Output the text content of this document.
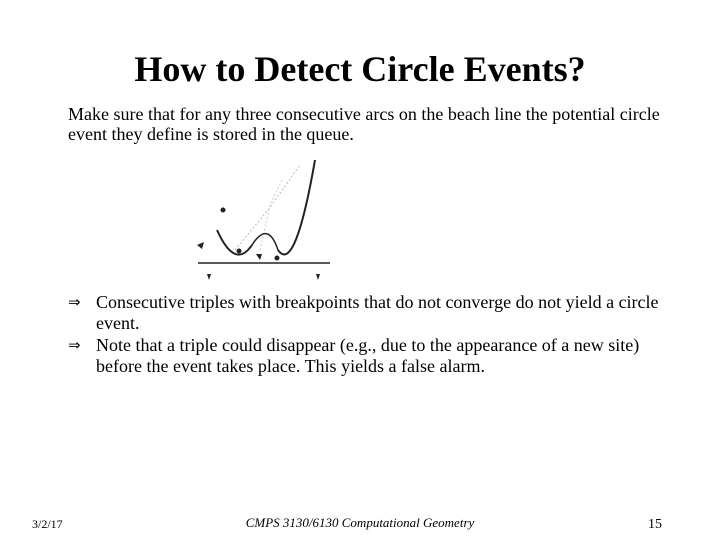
How to Detect Circle Events?
Make sure that for any three consecutive arcs on the beach line the potential circle event they define is stored in the queue.
⇒ Consecutive triples with breakpoints that do not converge do not yield a circle event.
⇒ Note that a triple could disappear (e.g., due to the appearance of a new site) before the event takes place. This yields a false alarm.
3/2/17	CMPS 3130/6130 Computational Geometry	15
